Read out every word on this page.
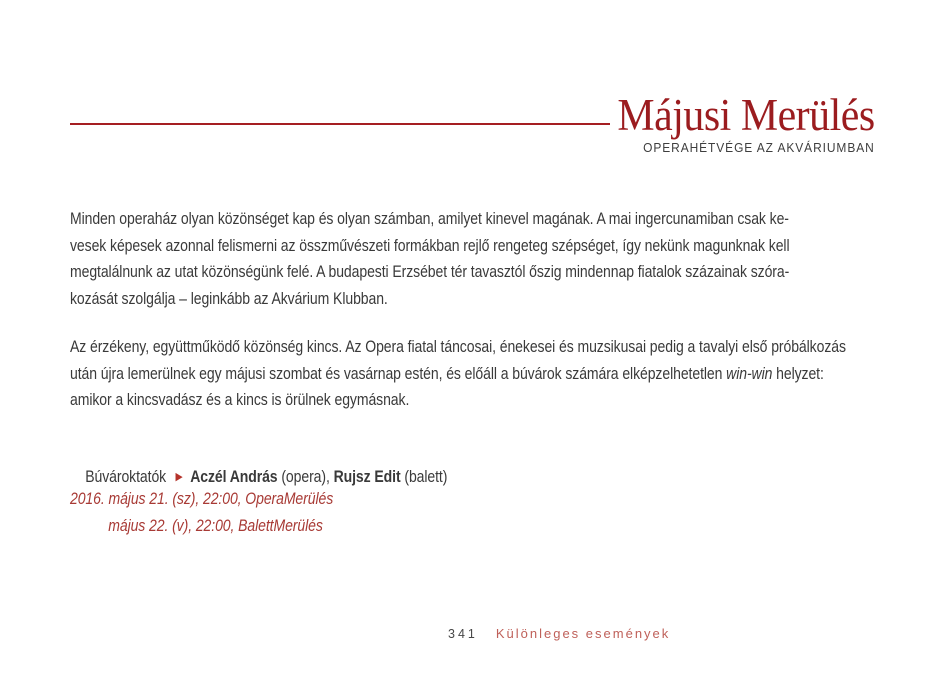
Májusi Merülés
OPERAHÉTVÉGE AZ AKVÁRIUMBAN
Minden operaház olyan közönséget kap és olyan számban, amilyet kinevel magának. A mai ingercunamiban csak ke-
vesek képesek azonnal felismerni az összművészeti formákban rejlő rengeteg szépséget, így nekünk magunknak kell
megtalálnunk az utat közönségünk felé. A budapesti Erzsébet tér tavasztól őszig mindennap fiatalok százainak szóra-
kozását szolgálja – leginkább az Akvárium Klubban.
Az érzékeny, együttműködő közönség kincs. Az Opera fiatal táncosai, énekesei és muzsikusai pedig a tavalyi első próbálkozás
után újra lemerülnek egy májusi szombat és vasárnap estén, és előáll a búvárok számára elképzelhetetlen win-win helyzet:
amikor a kincsvadász és a kincs is örülnek egymásnak.

Búvároktatók ▶ Aczél András (opera), Rujsz Edit (balett)

2016. május 21. (sz), 22:00, OperaMerülés
május 22. (v), 22:00, BalettMerülés
341 Különleges események
